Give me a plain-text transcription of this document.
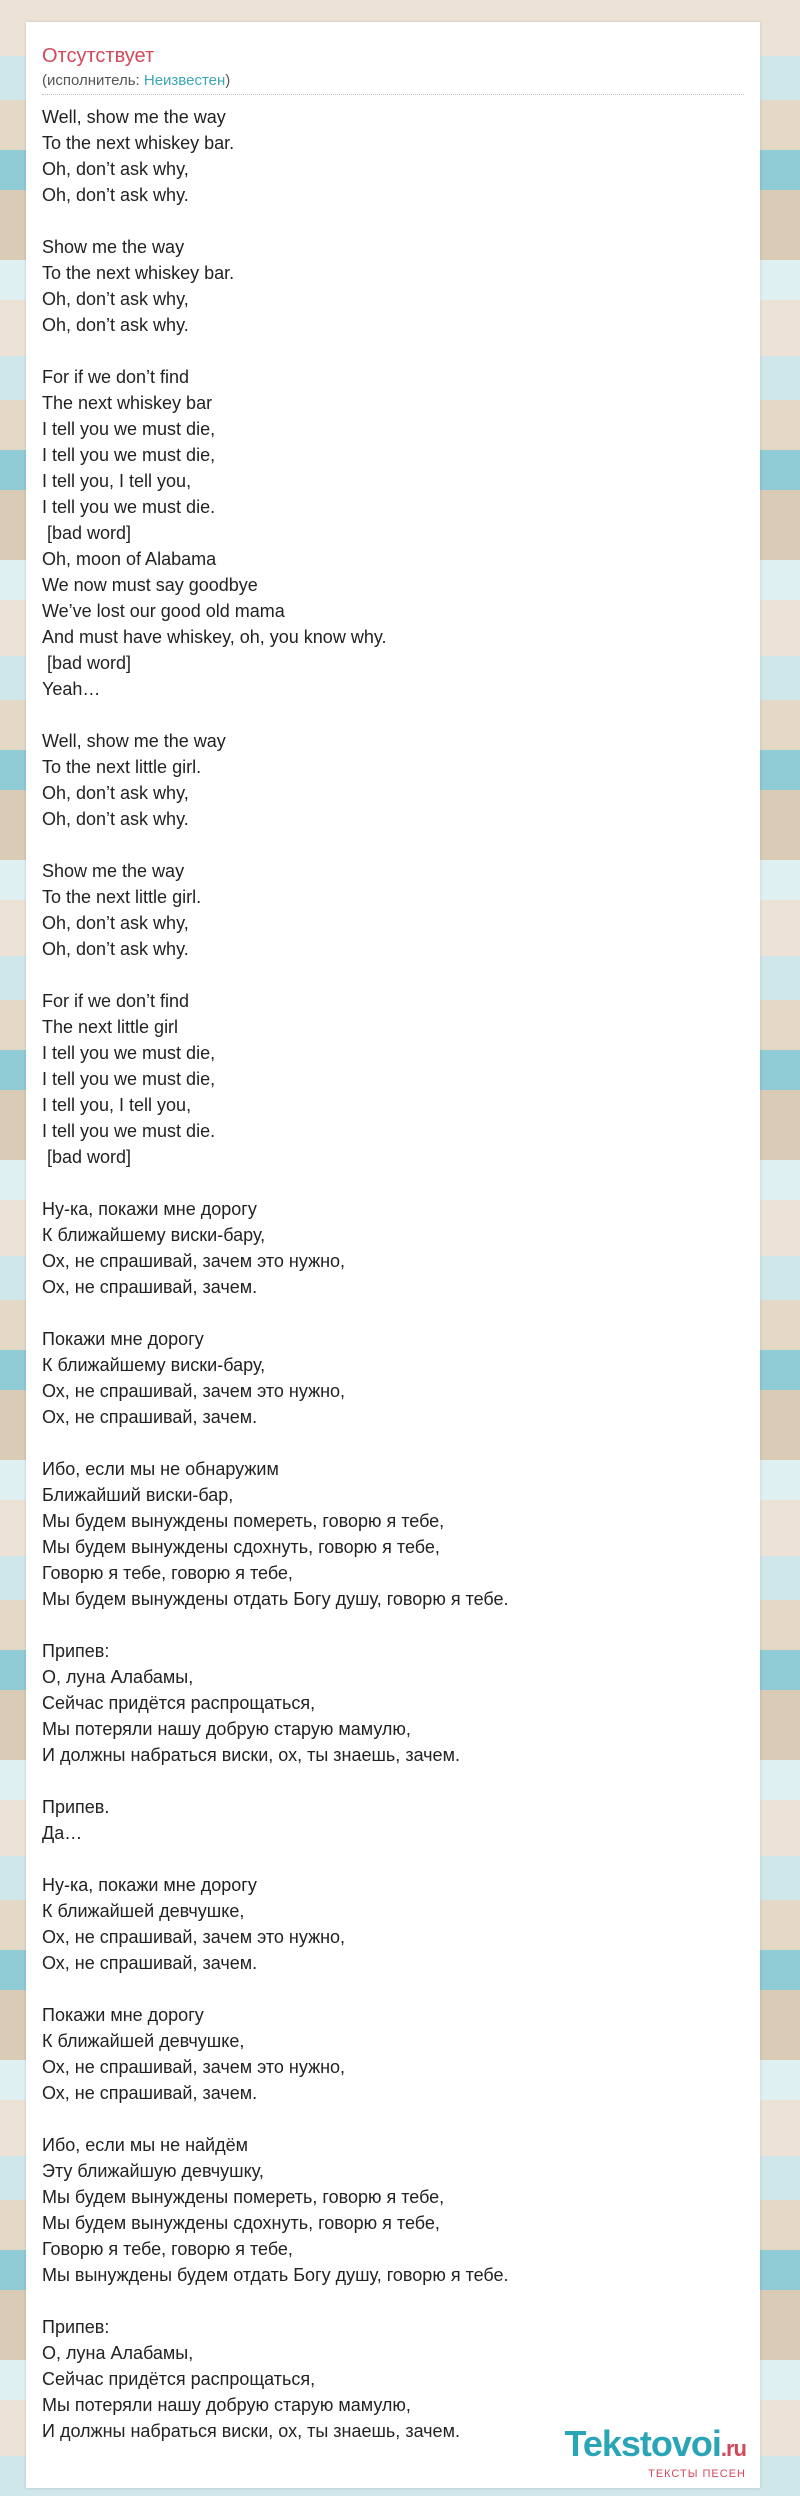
Отсутствует
(исполнитель: Неизвестен)
Well, show me the way
To the next whiskey bar.
Oh, don’t ask why,
Oh, don’t ask why.
Show me the way
To the next whiskey bar.
Oh, don’t ask why,
Oh, don’t ask why.
For if we don’t find
The next whiskey bar
I tell you we must die,
I tell you we must die,
I tell you, I tell you,
I tell you we must die.
[bad word]
Oh, moon of Alabama
We now must say goodbye
We’ve lost our good old mama
And must have whiskey, oh, you know why.
[bad word]
Yeah…
Well, show me the way
To the next little girl.
Oh, don’t ask why,
Oh, don’t ask why.
Show me the way
To the next little girl.
Oh, don’t ask why,
Oh, don’t ask why.
For if we don’t find
The next little girl
I tell you we must die,
I tell you we must die,
I tell you, I tell you,
I tell you we must die.
[bad word]
Ну-ка, покажи мне дорогу
К ближайшему виски-бару,
Ох, не спрашивай, зачем это нужно,
Ох, не спрашивай, зачем.
Покажи мне дорогу
К ближайшему виски-бару,
Ох, не спрашивай, зачем это нужно,
Ох, не спрашивай, зачем.
Ибо, если мы не обнаружим
Ближайший виски-бар,
Мы будем вынуждены помереть, говорю я тебе,
Мы будем вынуждены сдохнуть, говорю я тебе,
Говорю я тебе, говорю я тебе,
Мы будем вынуждены отдать Богу душу, говорю я тебе.
Припев:
О, луна Алабамы,
Сейчас придётся распрощаться,
Мы потеряли нашу добрую старую мамулю,
И должны набраться виски, ох, ты знаешь, зачем.
Припев.
Да…
Ну-ка, покажи мне дорогу
К ближайшей девчушке,
Ох, не спрашивай, зачем это нужно,
Ох, не спрашивай, зачем.
Покажи мне дорогу
К ближайшей девчушке,
Ох, не спрашивай, зачем это нужно,
Ох, не спрашивай, зачем.
Ибо, если мы не найдём
Эту ближайшую девчушку,
Мы будем вынуждены помереть, говорю я тебе,
Мы будем вынуждены сдохнуть, говорю я тебе,
Говорю я тебе, говорю я тебе,
Мы вынуждены будем отдать Богу душу, говорю я тебе.
Припев:
О, луна Алабамы,
Сейчас придётся распрощаться,
Мы потеряли нашу добрую старую мамулю,
И должны набраться виски, ох, ты знаешь, зачем.	Tekstovoi.ru
ТЕКСТЫ ПЕСЕН
